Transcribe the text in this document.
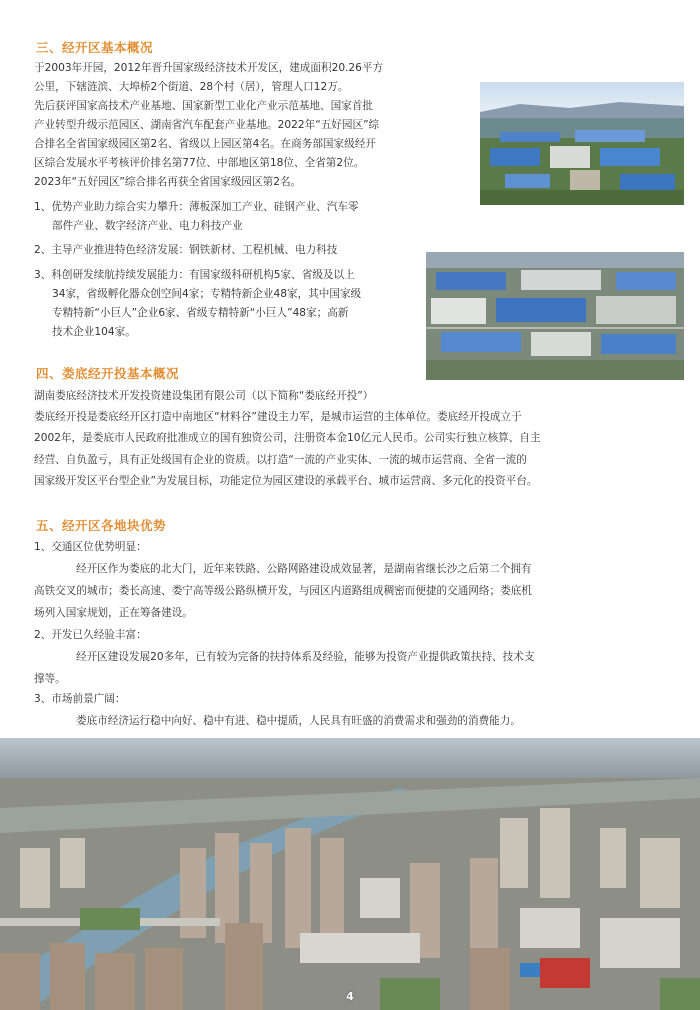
三、经开区基本概况
于2003年开园，2012年晋升国家级经济技术开发区，建成面积20.26平方
公里，下辖涟滨、大埠桥2个街道、28个村（居），管理人口12万。
先后获评国家高技术产业基地、国家新型工业化产业示范基地、国家首批
产业转型升级示范园区、湖南省汽车配套产业基地。2022年“五好园区”综
合排名全省国家级园区第2名、省级以上园区第4名。在商务部国家级经开
区综合发展水平考核评价排名第77位、中部地区第18位、全省第2位。
2023年“五好园区”综合排名再获全省国家级园区第2名。
1、优势产业助力综合实力攀升：薄板深加工产业、硅钢产业、汽车零
部件产业、数字经济产业、电力科技产业
2、主导产业推进特色经济发展：钢铁新材、工程机械、电力科技
3、科创研发续航持续发展能力：有国家级科研机构5家、省级及以上
34家，省级孵化器众创空间4家；专精特新企业48家，其中国家级
专精特新“小巨人”企业6家、省级专精特新“小巨人”48家；高新
技术企业104家。
四、娄底经开投基本概况
湖南娄底经济技术开发投资建设集团有限公司（以下简称“娄底经开投”）
娄底经开投是娄底经开区打造中南地区“材料谷”建设主力军，是城市运营的主体单位。娄底经开投成立于
2002年，是娄底市人民政府批准成立的国有独资公司，注册资本金10亿元人民币。公司实行独立核算、自主
经营、自负盈亏，具有正处级国有企业的资质。以打造“一流的产业实体、一流的城市运营商、全省一流的
国家级开发区平台型企业”为发展目标，功能定位为园区建设的承载平台、城市运营商、多元化的投资平台。
五、经开区各地块优势
1、交通区位优势明显：
经开区作为娄底的北大门，近年来铁路、公路网路建设成效显著，是湖南省继长沙之后第二个拥有
高铁交叉的城市；娄长高速、娄宁高等级公路纵横开发，与园区内道路组成稠密而便捷的交通网络；娄底机
场列入国家规划，正在筹备建设。
2、开发已久经验丰富：
经开区建设发展20多年，已有较为完备的扶持体系及经验，能够为投资产业提供政策扶持、技术支
撑等。
3、市场前景广阔：
娄底市经济运行稳中向好、稳中有进、稳中提质，人民具有旺盛的消费需求和强劲的消费能力。
4
